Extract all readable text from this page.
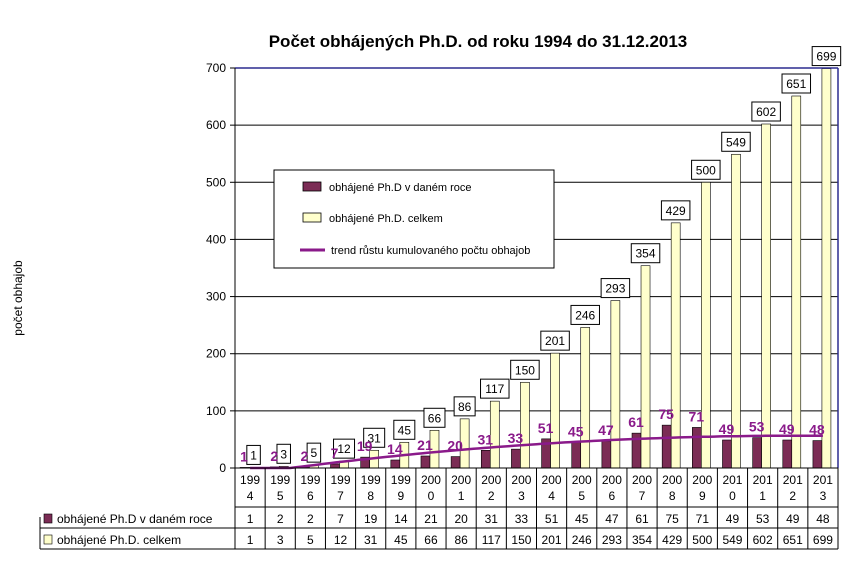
1 3 5 12
31
45
66
86
117
150
201
246
293
354
429
500
549
602
651
699
1 2 2 7 19 14 21 20 31 33
51 45 47 61 75 71
49 53 49 48
0
100
200
300
400
500
600
700
199
4
199
5
199
6
199
7
199
8
199
9
200
0
200
1
200
2
200
3
200
4
200
5
200
6
200
7
200
8
200
9
201
0
201
1
201
2
201
3
obhájené Ph.D v daném roce
obhájené Ph.D. celkem
1
1
2
3
2
5
7
12
19
31
14
45
21
66
20
86
31
117
33
150
51
201
45
246
47
293
61
354
75
429
71
500
49
549
53
602
49
651
48
699
Počet obhájených Ph.D. od roku 1994 do 31.12.2013
počet obhajob
obhájené Ph.D v daném roce
obhájené Ph.D. celkem
trend růstu kumulovaného počtu obhajob
